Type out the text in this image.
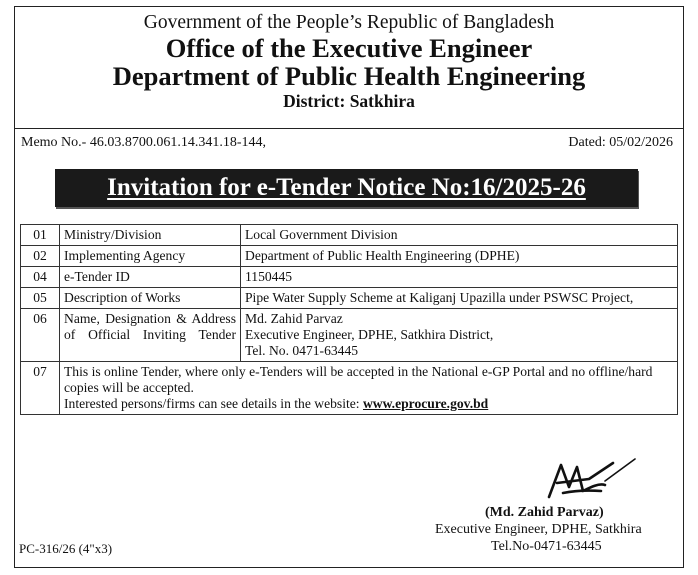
Government of the People’s Republic of Bangladesh
Office of the Executive Engineer
Department of Public Health Engineering
District: Satkhira
Memo No.- 46.03.8700.061.14.341.18-144,	Dated: 05/02/2026
Invitation for e-Tender Notice No:16/2025-26
01	Ministry/Division	Local Government Division
02	Implementing Agency	Department of Public Health Engineering (DPHE)
04	e-Tender ID	1150445
05	Description of Works	Pipe Water Supply Scheme at Kaliganj Upazilla under PSWSC Project,
06	Name, Designation & Address of Official Inviting Tender	Md. Zahid Parvaz
Executive Engineer, DPHE, Satkhira District,
Tel. No. 0471-63445

07	This is online Tender, where only e-Tenders will be accepted in the National e-GP Portal and no offline/hard copies will be accepted.
Interested persons/firms can see details in the website: www.eprocure.gov.bd	
(Md. Zahid Parvaz)
Executive Engineer, DPHE, Satkhira
Tel.No-0471-63445
PC-316/26 (4"x3)
